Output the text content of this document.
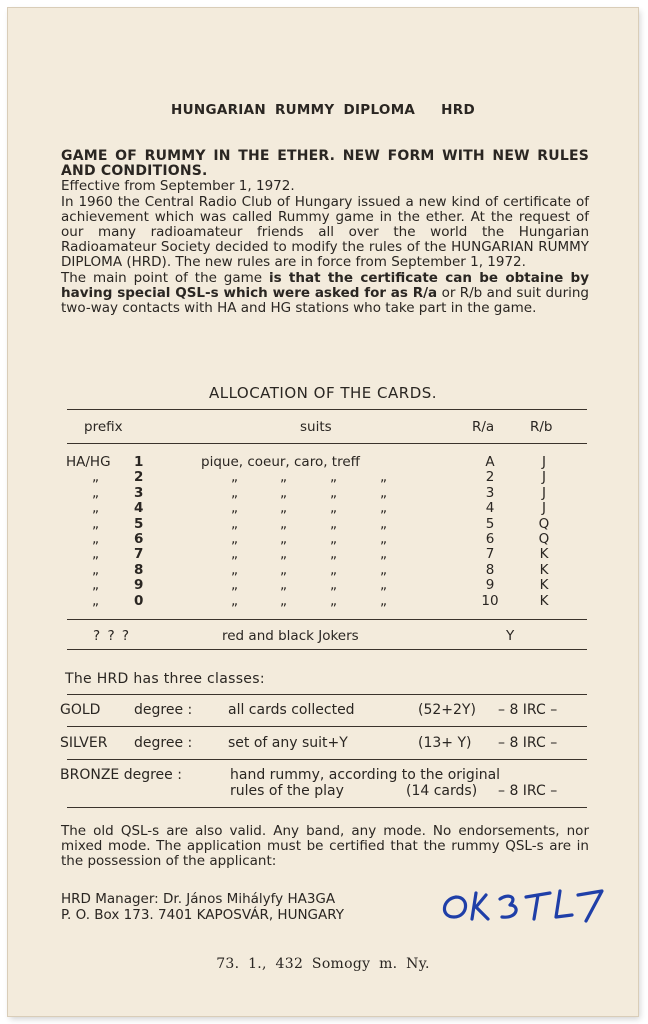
HUNGARIAN RUMMY DIPLOMA HRD
GAME OF RUMMY IN THE ETHER. NEW FORM WITH NEW RULES AND CONDITIONS.
Effective from September 1, 1972.
In 1960 the Central Radio Club of Hungary issued a new kind of certificate of achievement which was called Rummy game in the ether. At the request of our many radioamateur friends all over the world the Hungarian Radioamateur Society decided to modify the rules of the HUNGARIAN RUMMY DIPLOMA (HRD). The new rules are in force from September 1, 1972.
The main point of the game is that the certificate can be obtaine by having special QSL-s which were asked for as R/a or R/b and suit during two-way contacts with HA and HG stations who take part in the game.
ALLOCATION OF THE CARDS.
prefix	suits	R/a	R/b
HA/HG	1	pique, coeur, caro, treff	A	J
„	2	„	„	„	„	2	J
„	3	„	„	„	„	3	J
„	4	„	„	„	„	4	J
„	5	„	„	„	„	5	Q
„	6	„	„	„	„	6	Q
„	7	„	„	„	„	7	K
„	8	„	„	„	„	8	K
„	9	„	„	„	„	9	K
„	0	„	„	„	„	10	K
? ? ?	red and black Jokers	Y
The HRD has three classes:
GOLD degree :	all cards collected	(52+2Y) – 8 IRC –
SILVER degree :	set of any suit+Y	(13+ Y) – 8 IRC –
BRONZE degree :	hand rummy, according to the original
rules of the play	(14 cards) – 8 IRC –
The old QSL-s are also valid. Any band, any mode. No endorsements, nor mixed mode. The application must be certified that the rummy QSL-s are in the possession of the applicant:
HRD Manager: Dr. János Mihályfy HA3GA
P. O. Box 173. 7401 KAPOSVÁR, HUNGARY
73. 1., 432 Somogy m. Ny.
